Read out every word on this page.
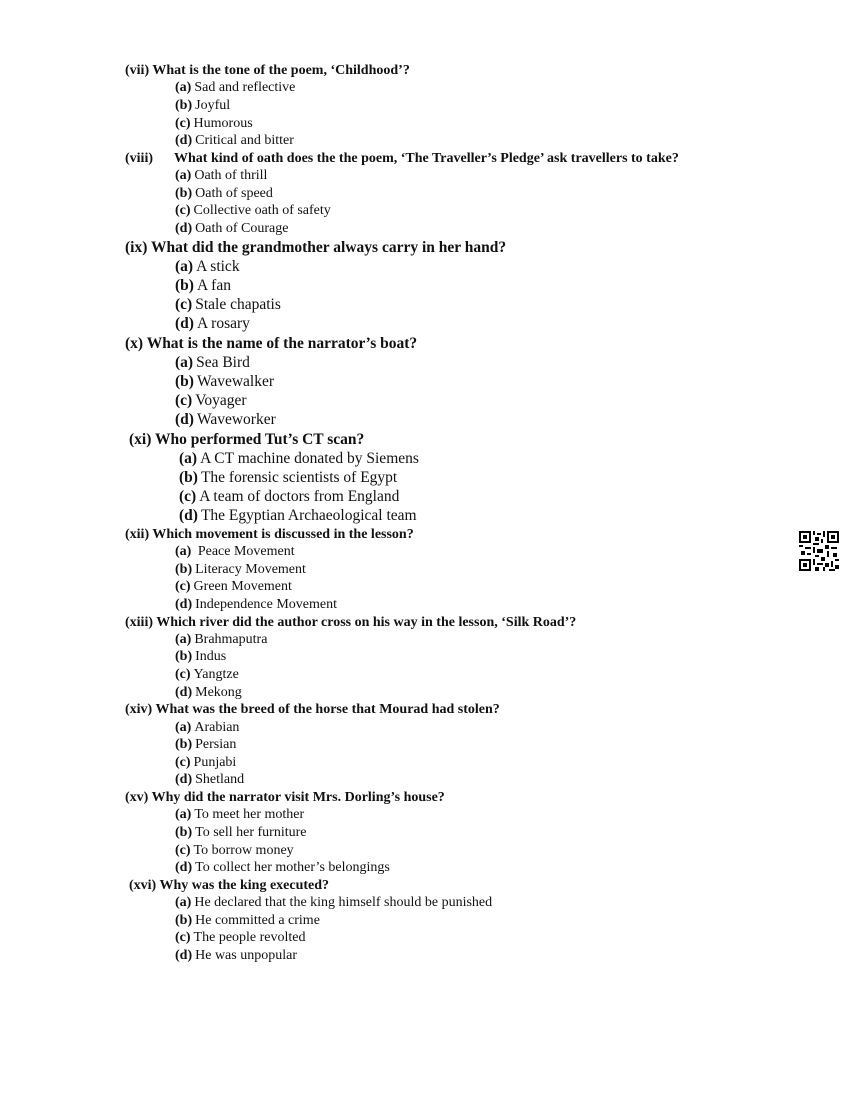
(vii) What is the tone of the poem, ‘Childhood’?
(a) Sad and reflective
(b) Joyful
(c) Humorous
(d) Critical and bitter
(viii) What kind of oath does the the poem, ‘The Traveller’s Pledge’ ask travellers to take?
(a) Oath of thrill
(b) Oath of speed
(c) Collective oath of safety
(d) Oath of Courage
(ix) What did the grandmother always carry in her hand?
(a) A stick
(b) A fan
(c) Stale chapatis
(d) A rosary
(x) What is the name of the narrator’s boat?
(a) Sea Bird
(b) Wavewalker
(c) Voyager
(d) Waveworker
(xi) Who performed Tut’s CT scan?
(a) A CT machine donated by Siemens
(b) The forensic scientists of Egypt
(c) A team of doctors from England
(d) The Egyptian Archaeological team
(xii) Which movement is discussed in the lesson?
(a) Peace Movement
(b) Literacy Movement
(c) Green Movement
(d) Independence Movement
(xiii) Which river did the author cross on his way in the lesson, ‘Silk Road’?
(a) Brahmaputra
(b) Indus
(c) Yangtze
(d) Mekong
(xiv) What was the breed of the horse that Mourad had stolen?
(a) Arabian
(b) Persian
(c) Punjabi
(d) Shetland
(xv) Why did the narrator visit Mrs. Dorling’s house?
(a) To meet her mother
(b) To sell her furniture
(c) To borrow money
(d) To collect her mother’s belongings
(xvi) Why was the king executed?
(a) He declared that the king himself should be punished
(b) He committed a crime
(c) The people revolted
(d) He was unpopular
